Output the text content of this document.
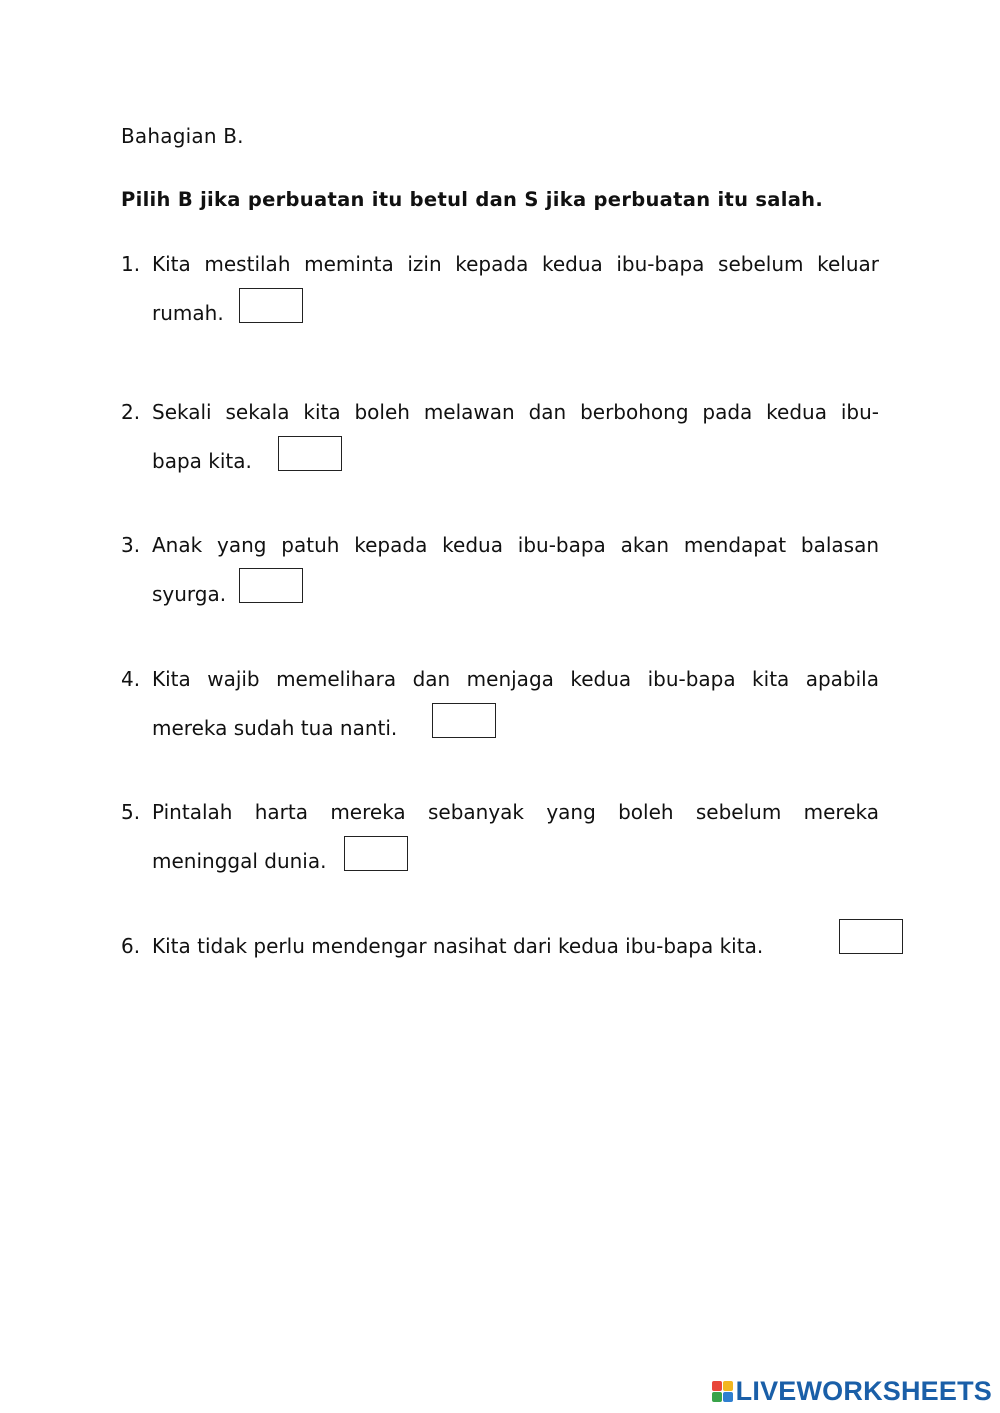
Bahagian B.

Pilih B jika perbuatan itu betul dan S jika perbuatan itu salah.

1. Kita mestilah meminta izin kepada kedua ibu-bapa sebelum keluar
rumah.
2. Sekali sekala kita boleh melawan dan berbohong pada kedua ibu-
bapa kita.
3. Anak yang patuh kepada kedua ibu-bapa akan mendapat balasan
syurga.
4. Kita wajib memelihara dan menjaga kedua ibu-bapa kita apabila
mereka sudah tua nanti.
5. Pintalah harta mereka sebanyak yang boleh sebelum mereka
meninggal dunia.
6. Kita tidak perlu mendengar nasihat dari kedua ibu-bapa kita.
LIVEWORKSHEETS
